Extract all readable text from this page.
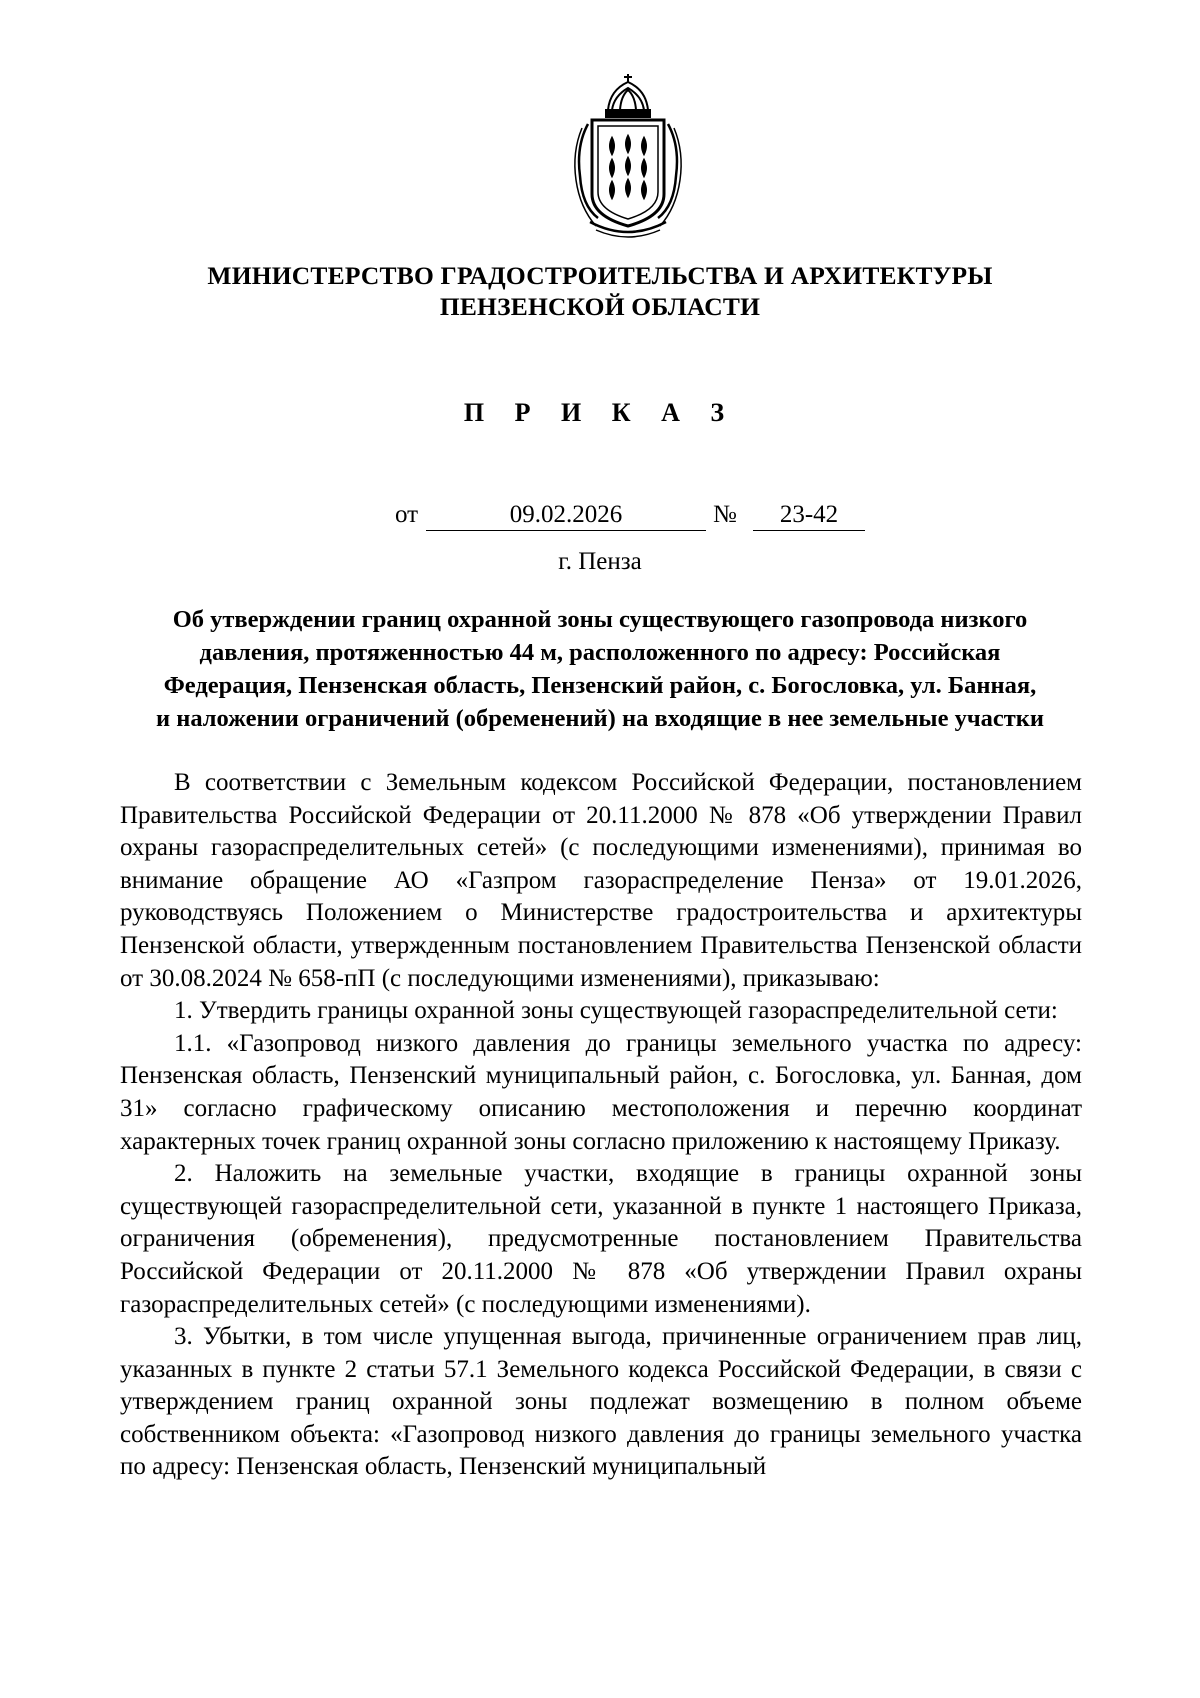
МИНИСТЕРСТВО ГРАДОСТРОИТЕЛЬСТВА И АРХИТЕКТУРЫ
ПЕНЗЕНСКОЙ ОБЛАСТИ
П Р И К А З
от	09.02.2026	№	23-42
г. Пенза
Об утверждении границ охранной зоны существующего газопровода низкого
давления, протяженностью 44 м, расположенного по адресу: Российская
Федерация, Пензенская область, Пензенский район, с. Богословка, ул. Банная,
и наложении ограничений (обременений) на входящие в нее земельные участки

В соответствии с Земельным кодексом Российской Федерации, постановлением Правительства Российской Федерации от 20.11.2000 № 878 «Об утверждении Правил охраны газораспределительных сетей» (с последующими изменениями), принимая во внимание обращение АО «Газпром газораспределение Пенза» от 19.01.2026, руководствуясь Положением о Министерстве градостроительства и архитектуры Пензенской области, утвержденным постановлением Правительства Пензенской области от 30.08.2024 № 658-пП (с последующими изменениями), приказываю:

1. Утвердить границы охранной зоны существующей газораспределительной сети:

1.1. «Газопровод низкого давления до границы земельного участка по адресу: Пензенская область, Пензенский муниципальный район, с. Богословка, ул. Банная, дом 31» согласно графическому описанию местоположения и перечню координат характерных точек границ охранной зоны согласно приложению к настоящему Приказу.

2. Наложить на земельные участки, входящие в границы охранной зоны существующей газораспределительной сети, указанной в пункте 1 настоящего Приказа, ограничения (обременения), предусмотренные постановлением Правительства Российской Федерации от 20.11.2000 № 878 «Об утверждении Правил охраны газораспределительных сетей» (с последующими изменениями).

3. Убытки, в том числе упущенная выгода, причиненные ограничением прав лиц, указанных в пункте 2 статьи 57.1 Земельного кодекса Российской Федерации, в связи с утверждением границ охранной зоны подлежат возмещению в полном объеме собственником объекта: «Газопровод низкого давления до границы земельного участка по адресу: Пензенская область, Пензенский муниципальный
